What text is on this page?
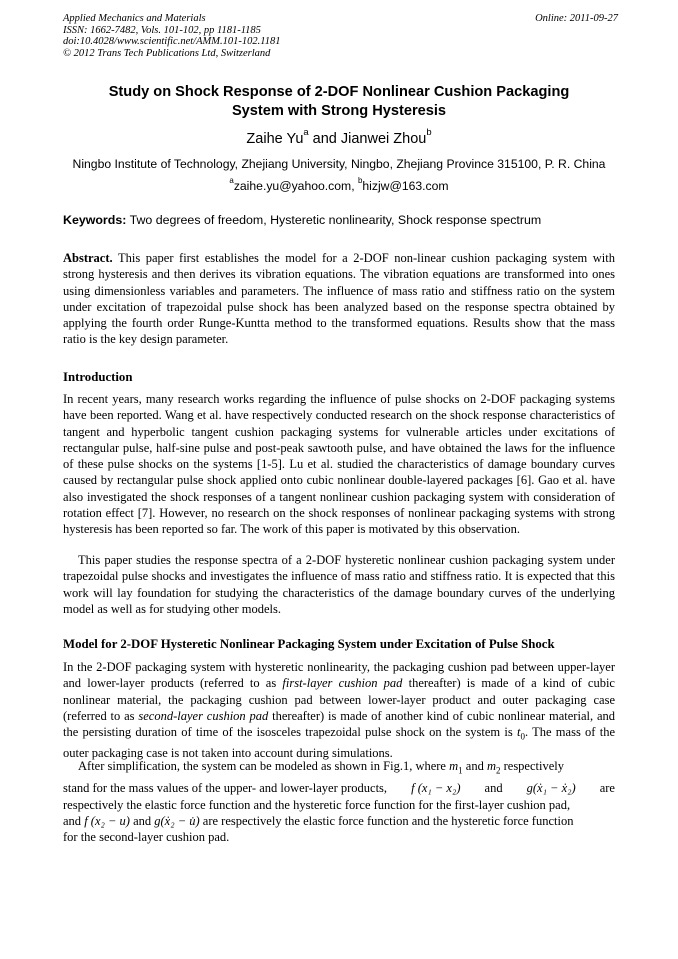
Applied Mechanics and Materials
ISSN: 1662-7482, Vols. 101-102, pp 1181-1185
doi:10.4028/www.scientific.net/AMM.101-102.1181
© 2012 Trans Tech Publications Ltd, Switzerland
Online: 2011-09-27
Study on Shock Response of 2-DOF Nonlinear Cushion Packaging
System with Strong Hysteresis
Zaihe Yu$^a$ and Jianwei Zhou$^b$
Ningbo Institute of Technology, Zhejiang University, Ningbo, Zhejiang Province 315100, P. R. China
$^a$zaihe.yu@yahoo.com, $^b$hizjw@163.com
Keywords: Two degrees of freedom, Hysteretic nonlinearity, Shock response spectrum
Abstract. This paper first establishes the model for a 2-DOF non-linear cushion packaging system with strong hysteresis and then derives its vibration equations. The vibration equations are transformed into ones using dimensionless variables and parameters. The influence of mass ratio and stiffness ratio on the system under excitation of trapezoidal pulse shock has been analyzed based on the response spectra obtained by applying the fourth order Runge-Kuntta method to the transformed equations. Results show that the mass ratio is the key design parameter.
Introduction
In recent years, many research works regarding the influence of pulse shocks on 2-DOF packaging systems have been reported. Wang et al. have respectively conducted research on the shock response characteristics of tangent and hyperbolic tangent cushion packaging systems for vulnerable articles under excitations of rectangular pulse, half-sine pulse and post-peak sawtooth pulse, and have obtained the laws for the influence of these pulse shocks on the systems [1-5]. Lu et al. studied the characteristics of damage boundary curves caused by rectangular pulse shock applied onto cubic nonlinear double-layered packages [6]. Gao et al. have also investigated the shock responses of a tangent nonlinear cushion packaging system with consideration of rotation effect [7]. However, no research on the shock responses of nonlinear packaging systems with strong hysteresis has been reported so far. The work of this paper is motivated by this observation.
This paper studies the response spectra of a 2-DOF hysteretic nonlinear cushion packaging system under trapezoidal pulse shocks and investigates the influence of mass ratio and stiffness ratio. It is expected that this work will lay foundation for studying the characteristics of the damage boundary curves of the underlying model as well as for studying other models.
Model for 2-DOF Hysteretic Nonlinear Packaging System under Excitation of Pulse Shock
In the 2-DOF packaging system with hysteretic nonlinearity, the packaging cushion pad between upper-layer and lower-layer products (referred to as first-layer cushion pad thereafter) is made of a kind of cubic nonlinear material, the packaging cushion pad between lower-layer product and outer packaging case (referred to as second-layer cushion pad thereafter) is made of another kind of cubic nonlinear material, and the persisting duration of time of the isosceles trapezoidal pulse shock on the system is $t_0$. The mass of the outer packaging case is not taken into account during simulations.
After simplification, the system can be modeled as shown in Fig.1, where $m_1$ and $m_2$ respectively
stand for the mass values of the upper- and lower-layer products, f (x₁ − x₂) and g(ẋ₁ − ẋ₂) are
respectively the elastic force function and the hysteretic force function for the first-layer cushion pad,
and f (x₂ − u) and g(ẋ₂ − u̇) are respectively the elastic force function and the hysteretic force function
for the second-layer cushion pad.
